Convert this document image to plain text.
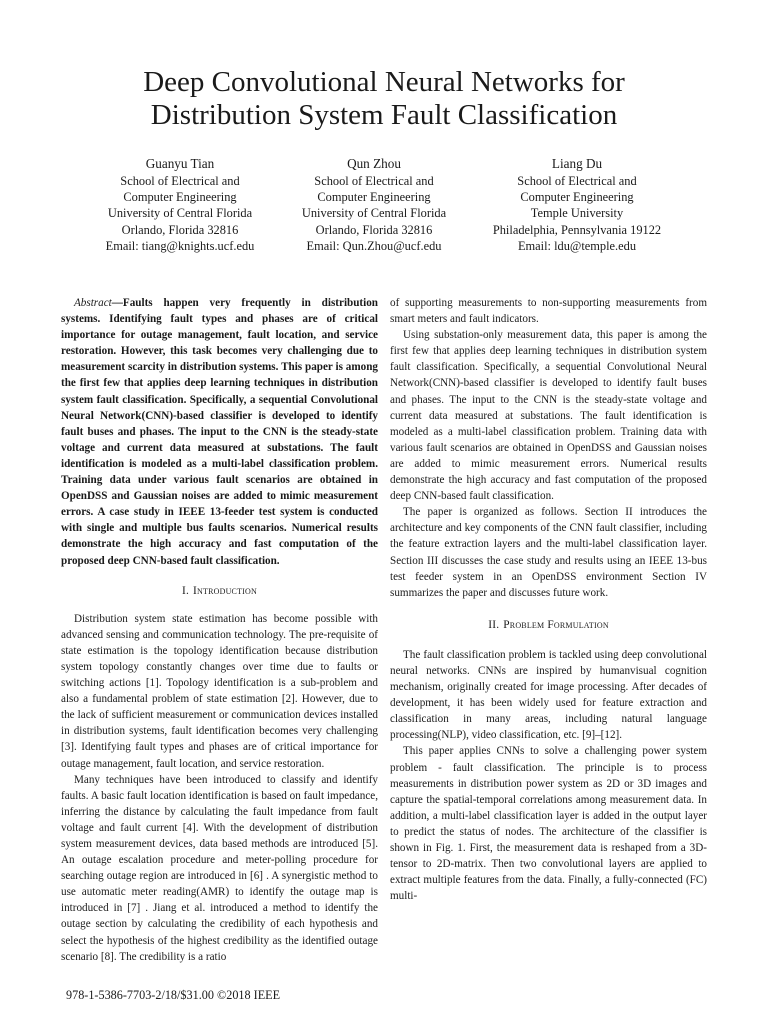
Deep Convolutional Neural Networks for
Distribution System Fault Classification
Guanyu Tian
School of Electrical and
Computer Engineering
University of Central Florida
Orlando, Florida 32816
Email: tiang@knights.ucf.edu
Qun Zhou
School of Electrical and
Computer Engineering
University of Central Florida
Orlando, Florida 32816
Email: Qun.Zhou@ucf.edu
Liang Du
School of Electrical and
Computer Engineering
Temple University
Philadelphia, Pennsylvania 19122
Email: ldu@temple.edu

Abstract—Faults happen very frequently in distribution systems. Identifying fault types and phases are of critical importance for outage management, fault location, and service restoration. However, this task becomes very challenging due to measurement scarcity in distribution systems. This paper is among the first few that applies deep learning techniques in distribution system fault classification. Specifically, a sequential Convolutional Neural Network(CNN)-based classifier is developed to identify fault buses and phases. The input to the CNN is the steady-state voltage and current data measured at substations. The fault identification is modeled as a multi-label classification problem. Training data under various fault scenarios are obtained in OpenDSS and Gaussian noises are added to mimic measurement errors. A case study in IEEE 13-feeder test system is conducted with single and multiple bus faults scenarios. Numerical results demonstrate the high accuracy and fast computation of the proposed deep CNN-based fault classification.

I. Introduction

Distribution system state estimation has become possible with advanced sensing and communication technology. The pre-requisite of state estimation is the topology identification because distribution system topology constantly changes over time due to faults or switching actions [1]. Topology identification is a sub-problem and also a fundamental problem of state estimation [2]. However, due to the lack of sufficient measurement or communication devices installed in distribution systems, fault identification becomes very challenging [3]. Identifying fault types and phases are of critical importance for outage management, fault location, and service restoration.

Many techniques have been introduced to classify and identify faults. A basic fault location identification is based on fault impedance, inferring the distance by calculating the fault impedance from fault voltage and fault current [4]. With the development of distribution system measurement devices, data based methods are introduced [5]. An outage escalation procedure and meter-polling procedure for searching outage region are introduced in [6] . A synergistic method to use automatic meter reading(AMR) to identify the outage map is introduced in [7] . Jiang et al. introduced a method to identify the outage section by calculating the credibility of each hypothesis and select the hypothesis of the highest credibility as the identified outage scenario [8]. The credibility is a ratio

of supporting measurements to non-supporting measurements from smart meters and fault indicators.

Using substation-only measurement data, this paper is among the first few that applies deep learning techniques in distribution system fault classification. Specifically, a sequential Convolutional Neural Network(CNN)-based classifier is developed to identify fault buses and phases. The input to the CNN is the steady-state voltage and current data measured at substations. The fault identification is modeled as a multi-label classification problem. Training data with various fault scenarios are obtained in OpenDSS and Gaussian noises are added to mimic measurement errors. Numerical results demonstrate the high accuracy and fast computation of the proposed deep CNN-based fault classification.

The paper is organized as follows. Section II introduces the architecture and key components of the CNN fault classifier, including the feature extraction layers and the multi-label classification layer. Section III discusses the case study and results using an IEEE 13-bus test feeder system in an OpenDSS environment Section IV summarizes the paper and discusses future work.

II. Problem Formulation

The fault classification problem is tackled using deep convolutional neural networks. CNNs are inspired by humanvisual cognition mechanism, originally created for image processing. After decades of development, it has been widely used for feature extraction and classification in many areas, including natural language processing(NLP), video classification, etc. [9]–[12].

This paper applies CNNs to solve a challenging power system problem - fault classification. The principle is to process measurements in distribution power system as 2D or 3D images and capture the spatial-temporal correlations among measurement data. In addition, a multi-label classification layer is added in the output layer to predict the status of nodes. The architecture of the classifier is shown in Fig. 1. First, the measurement data is reshaped from a 3D-tensor to 2D-matrix. Then two convolutional layers are applied to extract multiple features from the data. Finally, a fully-connected (FC) multi-

978-1-5386-7703-2/18/$31.00 ©2018 IEEE
